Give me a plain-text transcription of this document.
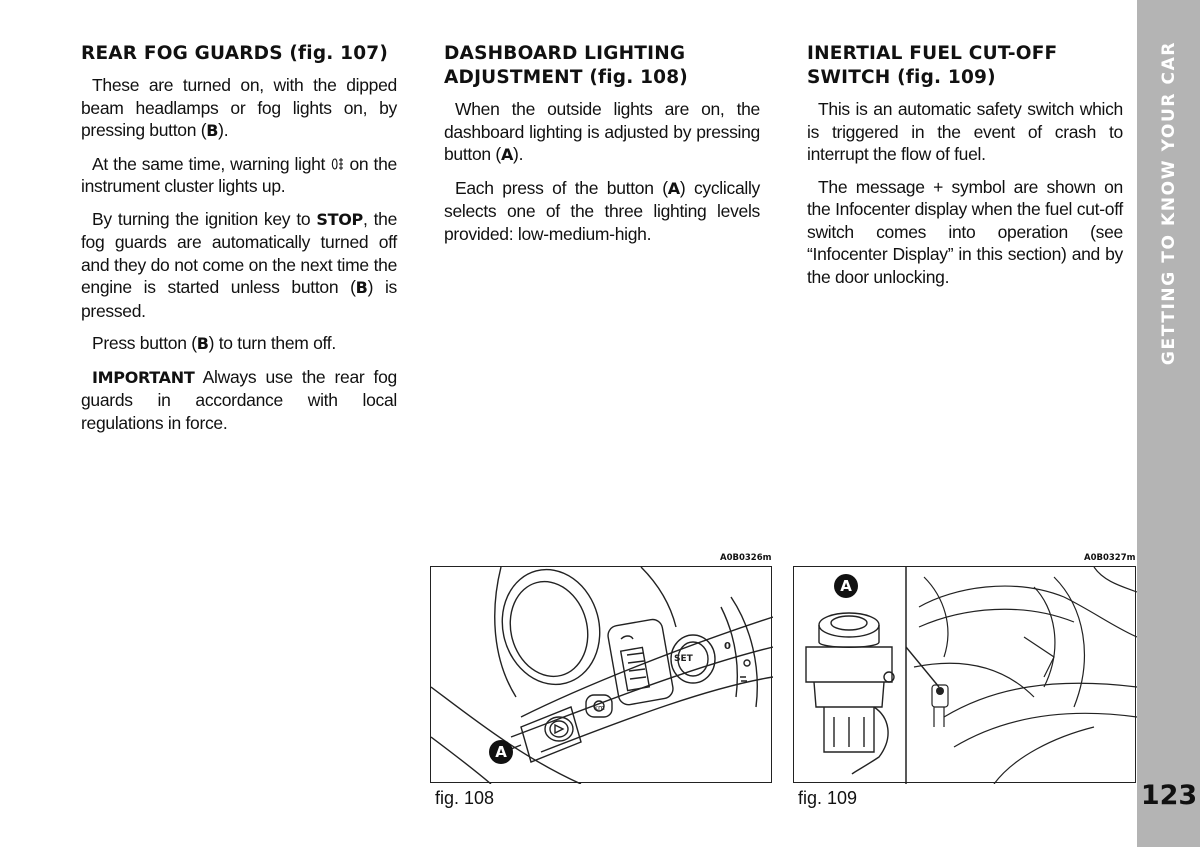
REAR FOG GUARDS (fig. 107)

These are turned on, with the dipped beam headlamps or fog lights on, by pressing button (B).

At the same time, warning light  on the instrument cluster lights up.

By turning the ignition key to STOP, the fog guards are automatically turned off and they do not come on the next time the engine is started unless button (B) is pressed.

Press button (B) to turn them off.

IMPORTANT Always use the rear fog guards in accordance with local regulations in force.

DASHBOARD LIGHTING ADJUSTMENT (fig. 108)

When the outside lights are on, the dashboard lighting is adjusted by pressing button (A).

Each press of the button (A) cyclically selects one of the three lighting levels provided: low-medium-high.

INERTIAL FUEL CUT-OFF SWITCH (fig. 109)

This is an automatic safety switch which is triggered in the event of crash to interrupt the flow of fuel.

The message + symbol are shown on the Infocenter display when the fuel cut-off switch comes into operation (see “Infocenter Display” in this section) and by the door unlocking.

A0B0326m
SET
km
0
A
fig. 108
A0B0327m
A
fig. 109
GETTING TO KNOW YOUR CAR
123
